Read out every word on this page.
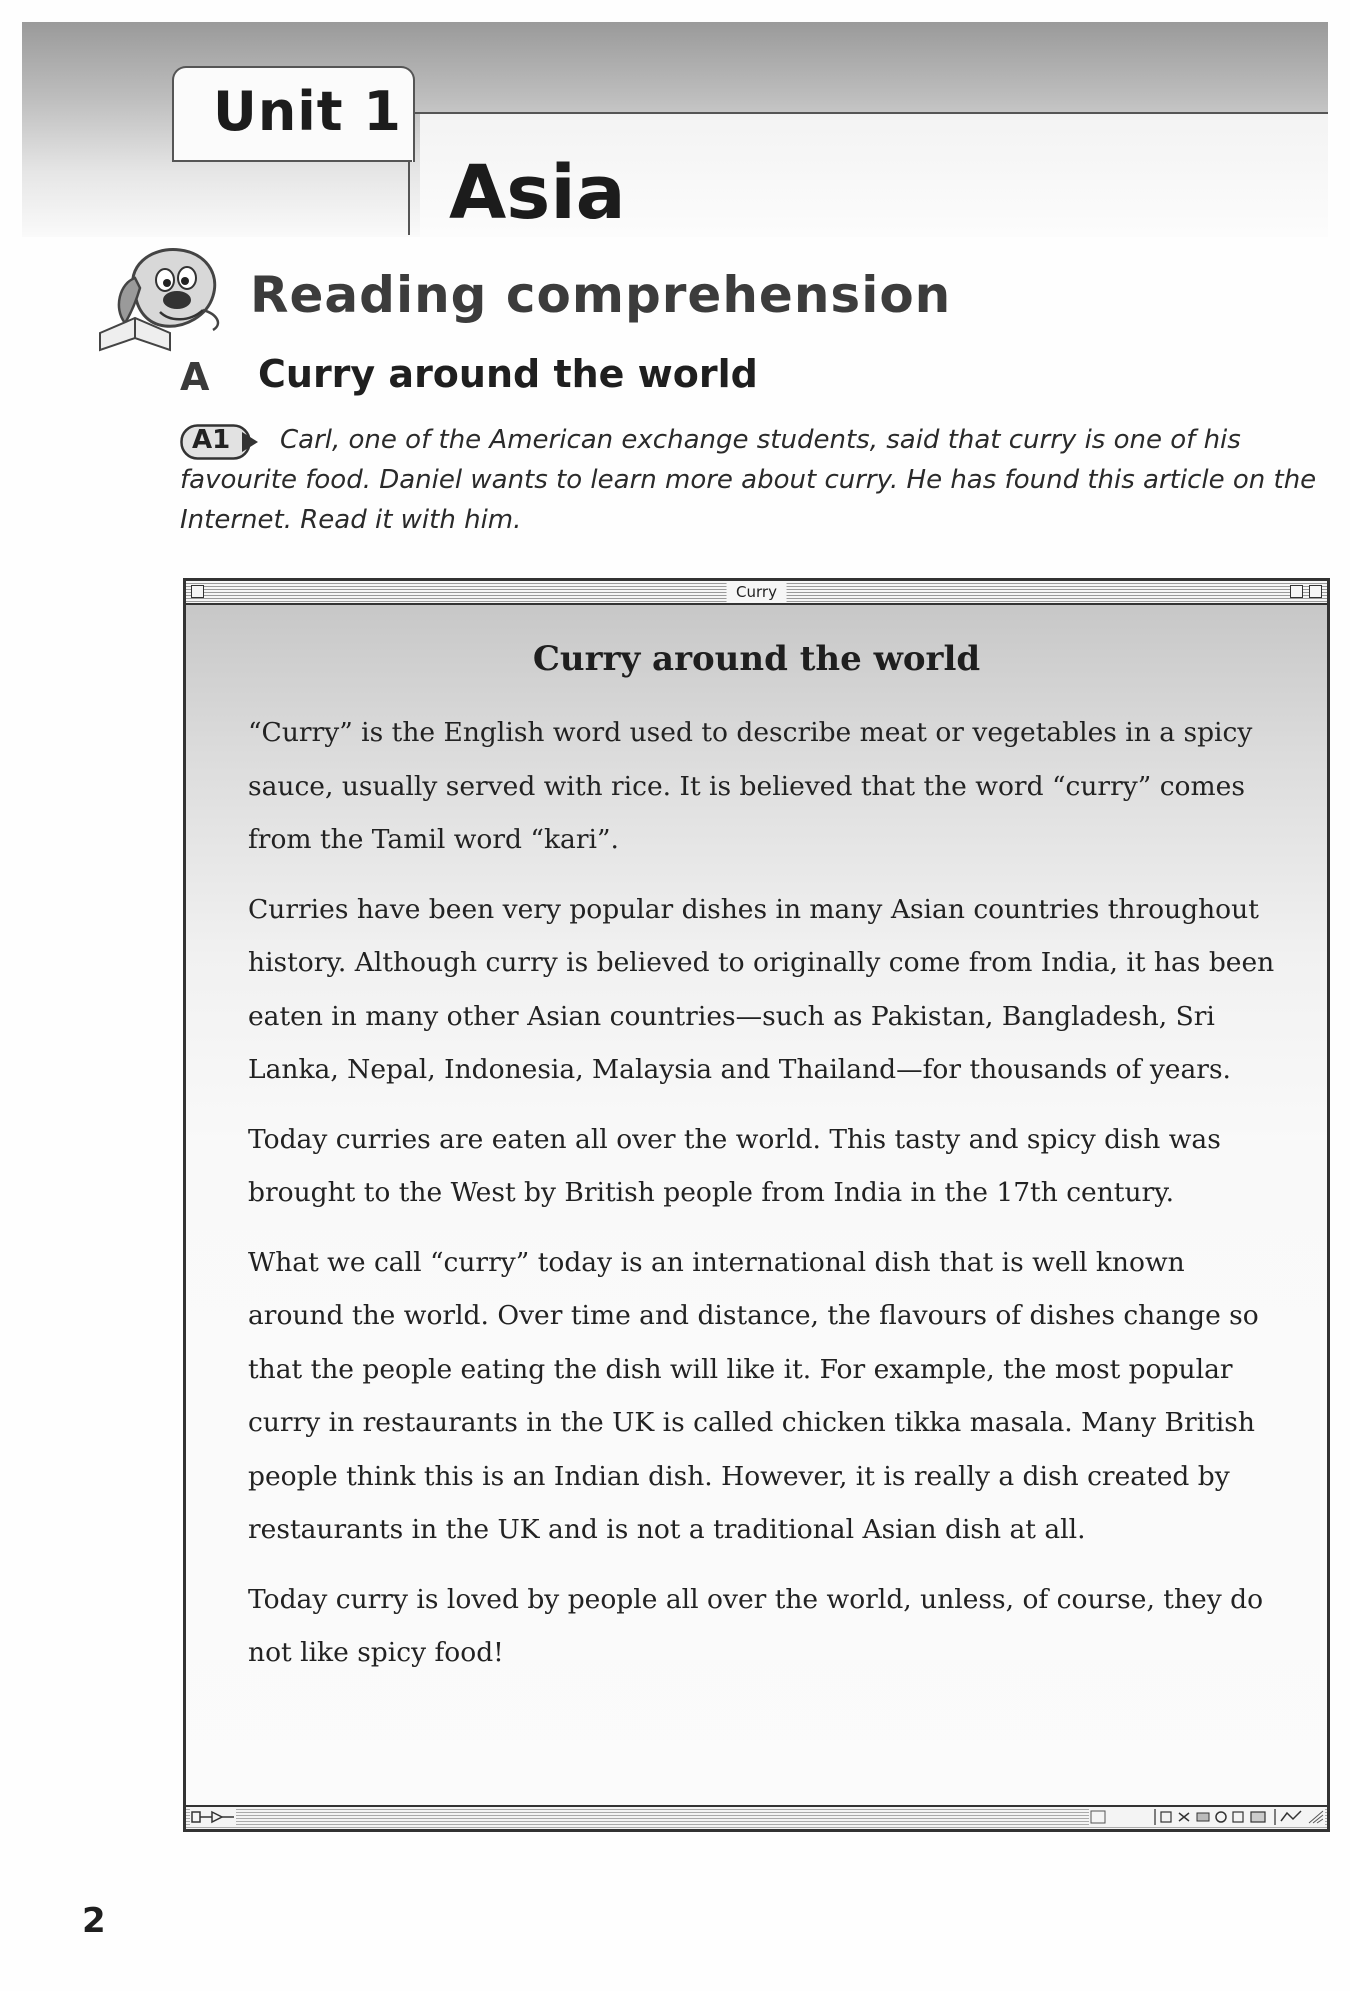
Unit 1
Asia
Reading comprehension
A Curry around the world
A1	Carl, one of the American exchange students, said that curry is one of his favourite food. Daniel wants to learn more about curry. He has found this article on the Internet. Read it with him.
Curry
Curry around the world

“Curry” is the English word used to describe meat or vegetables in a spicy sauce, usually served with rice. It is believed that the word “curry” comes from the Tamil word “kari”.

Curries have been very popular dishes in many Asian countries throughout history. Although curry is believed to originally come from India, it has been eaten in many other Asian countries—such as Pakistan, Bangladesh, Sri Lanka, Nepal, Indonesia, Malaysia and Thailand—for thousands of years.

Today curries are eaten all over the world. This tasty and spicy dish was brought to the West by British people from India in the 17th century.

What we call “curry” today is an international dish that is well known around the world. Over time and distance, the flavours of dishes change so that the people eating the dish will like it. For example, the most popular curry in restaurants in the UK is called chicken tikka masala. Many British people think this is an Indian dish. However, it is really a dish created by restaurants in the UK and is not a traditional Asian dish at all.

Today curry is loved by people all over the world, unless, of course, they do not like spicy food!

2
